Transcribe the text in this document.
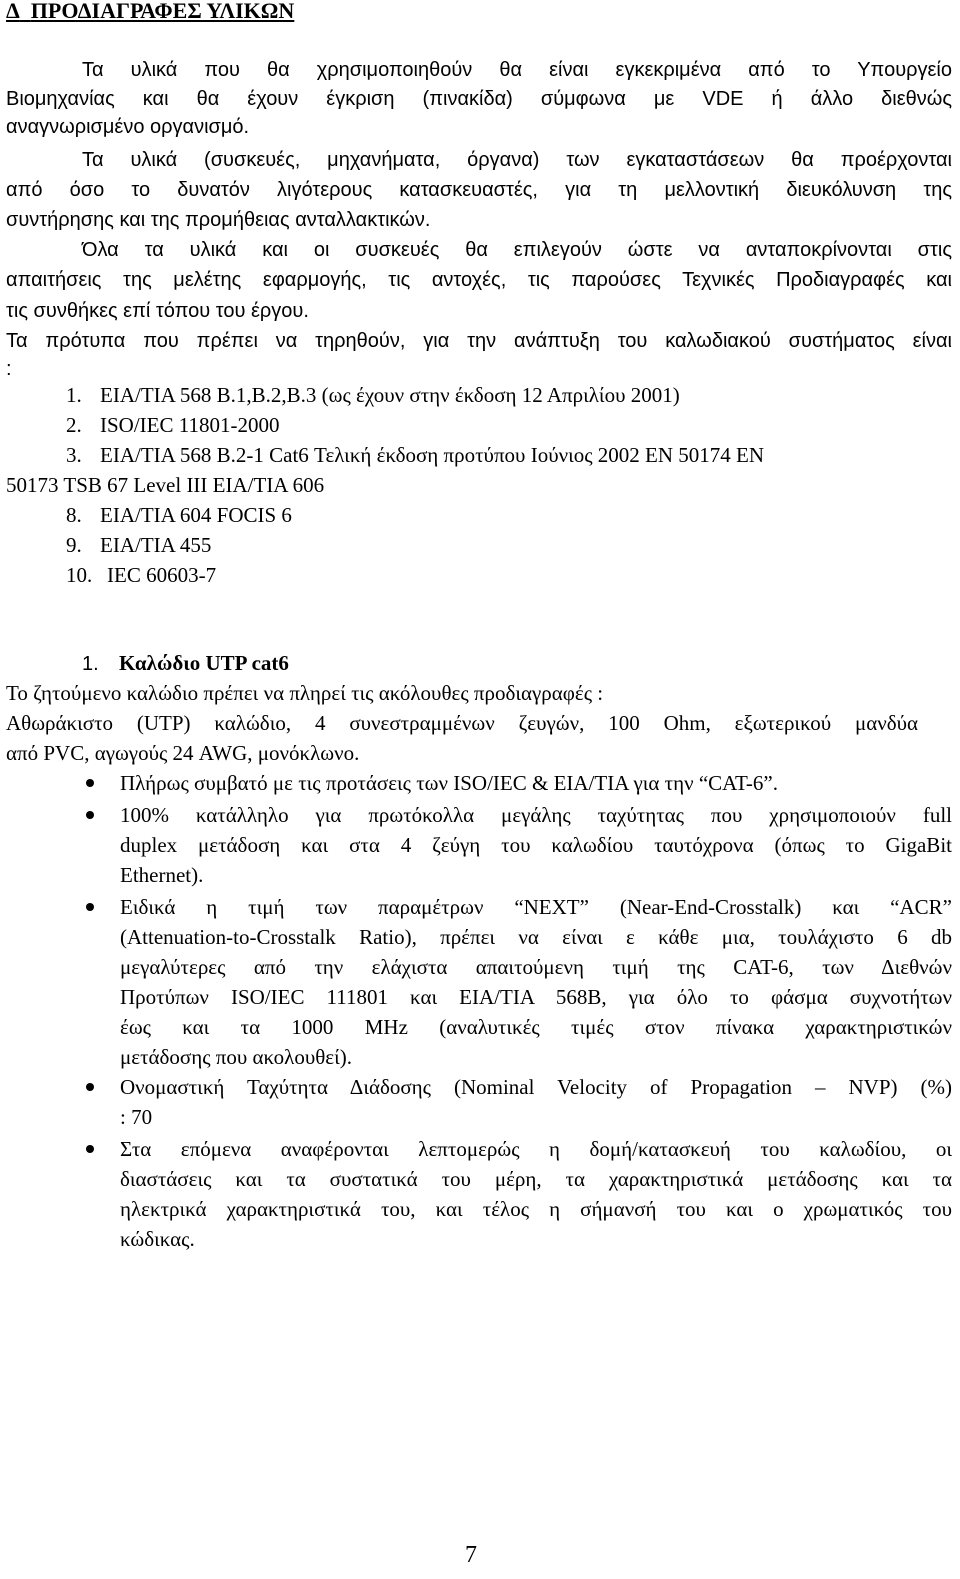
Δ ΠΡΟΔΙΑΓΡΑΦΕΣ ΥΛΙΚΩΝ
Τα υλικά που θα χρησιμοποιηθούν θα είναι εγκεκριμένα από το Υπουργείο
Βιομηχανίας και θα έχουν έγκριση (πινακίδα) σύμφωνα με VDE ή άλλο διεθνώς
αναγνωρισμένο οργανισμό.
Τα υλικά (συσκευές, μηχανήματα, όργανα) των εγκαταστάσεων θα προέρχονται
από όσο το δυνατόν λιγότερους κατασκευαστές, για τη μελλοντική διευκόλυνση της
συντήρησης και της προμήθειας ανταλλακτικών.
Όλα τα υλικά και οι συσκευές θα επιλεγούν ώστε να ανταποκρίνονται στις
απαιτήσεις της μελέτης εφαρμογής, τις αντοχές, τις παρούσες Τεχνικές Προδιαγραφές και
τις συνθήκες επί τόπου του έργου.
Τα πρότυπα που πρέπει να τηρηθούν, για την ανάπτυξη του καλωδιακού συστήματος είναι
:
1. EIA/TIA 568 B.1,B.2,B.3 (ως έχουν στην έκδοση 12 Απριλίου 2001)
2. ISO/IEC 11801-2000
3. EIA/TIA 568 B.2-1 Cat6 Τελική έκδοση προτύπου Ιούνιος 2002 EN 50174 EN
50173 TSB 67 Level III EIA/TIA 606
8. EIA/TIA 604 FOCIS 6
9. EIA/TIA 455
10. IEC 60603-7
1. Καλώδιο UTP cat6
Το ζητούμενο καλώδιο πρέπει να πληρεί τις ακόλουθες προδιαγραφές :
Αθωράκιστο (UTP) καλώδιο, 4 συνεστραμμένων ζευγών, 100 Ohm, εξωτερικού μανδύα
από PVC, αγωγούς 24 AWG, μονόκλωνο.
Πλήρως συμβατό με τις προτάσεις των ISO/IEC & EIA/TIA για την “CAT-6”.
100% κατάλληλο για πρωτόκολλα μεγάλης ταχύτητας που χρησιμοποιούν full
duplex μετάδοση και στα 4 ζεύγη του καλωδίου ταυτόχρονα (όπως το GigaBit
Ethernet).
Ειδικά η τιμή των παραμέτρων “NEXT” (Near-End-Crosstalk) και “ACR”
(Attenuation-to-Crosstalk Ratio), πρέπει να είναι ε κάθε μια, τουλάχιστο 6 db
μεγαλύτερες από την ελάχιστα απαιτούμενη τιμή της CAT-6, των Διεθνών
Προτύπων ISO/IEC 111801 και EIA/TIA 568B, για όλο το φάσμα συχνοτήτων
έως και τα 1000 MHz (αναλυτικές τιμές στον πίνακα χαρακτηριστικών
μετάδοσης που ακολουθεί).
Ονομαστική Ταχύτητα Διάδοσης (Nominal Velocity of Propagation – NVP) (%)
: 70
Στα επόμενα αναφέρονται λεπτομερώς η δομή/κατασκευή του καλωδίου, οι
διαστάσεις και τα συστατικά του μέρη, τα χαρακτηριστικά μετάδοσης και τα
ηλεκτρικά χαρακτηριστικά του, και τέλος η σήμανσή του και ο χρωματικός του
κώδικας.
7
